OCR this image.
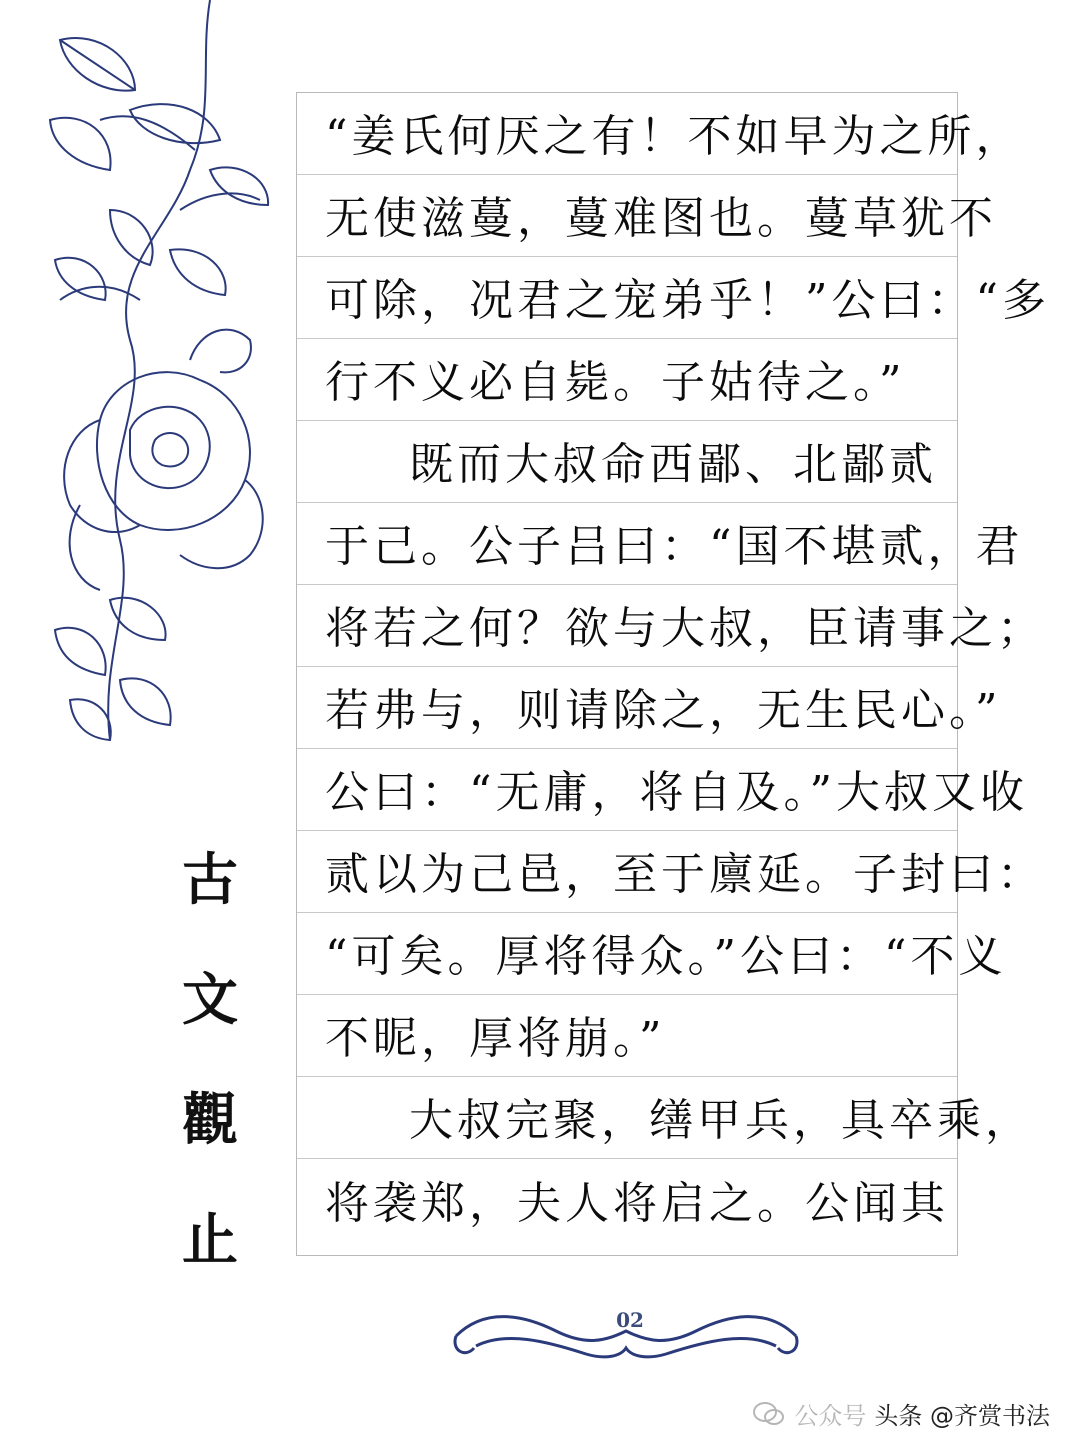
古
文
觀
止
“姜氏何厌之有！不如早为之所，
无使滋蔓，蔓难图也。蔓草犹不
可除，况君之宠弟乎！”公曰：“多
行不义必自毙。子姑待之。”
既而大叔命西鄙、北鄙贰
于己。公子吕曰：“国不堪贰，君
将若之何？欲与大叔，臣请事之；
若弗与，则请除之，无生民心。”
公曰：“无庸，将自及。”大叔又收
贰以为己邑，至于廪延。子封曰：
“可矣。厚将得众。”公曰：“不义
不昵，厚将崩。”
大叔完聚，缮甲兵，具卒乘，
将袭郑，夫人将启之。公闻其
02
公众号 头条 @齐赏书法
